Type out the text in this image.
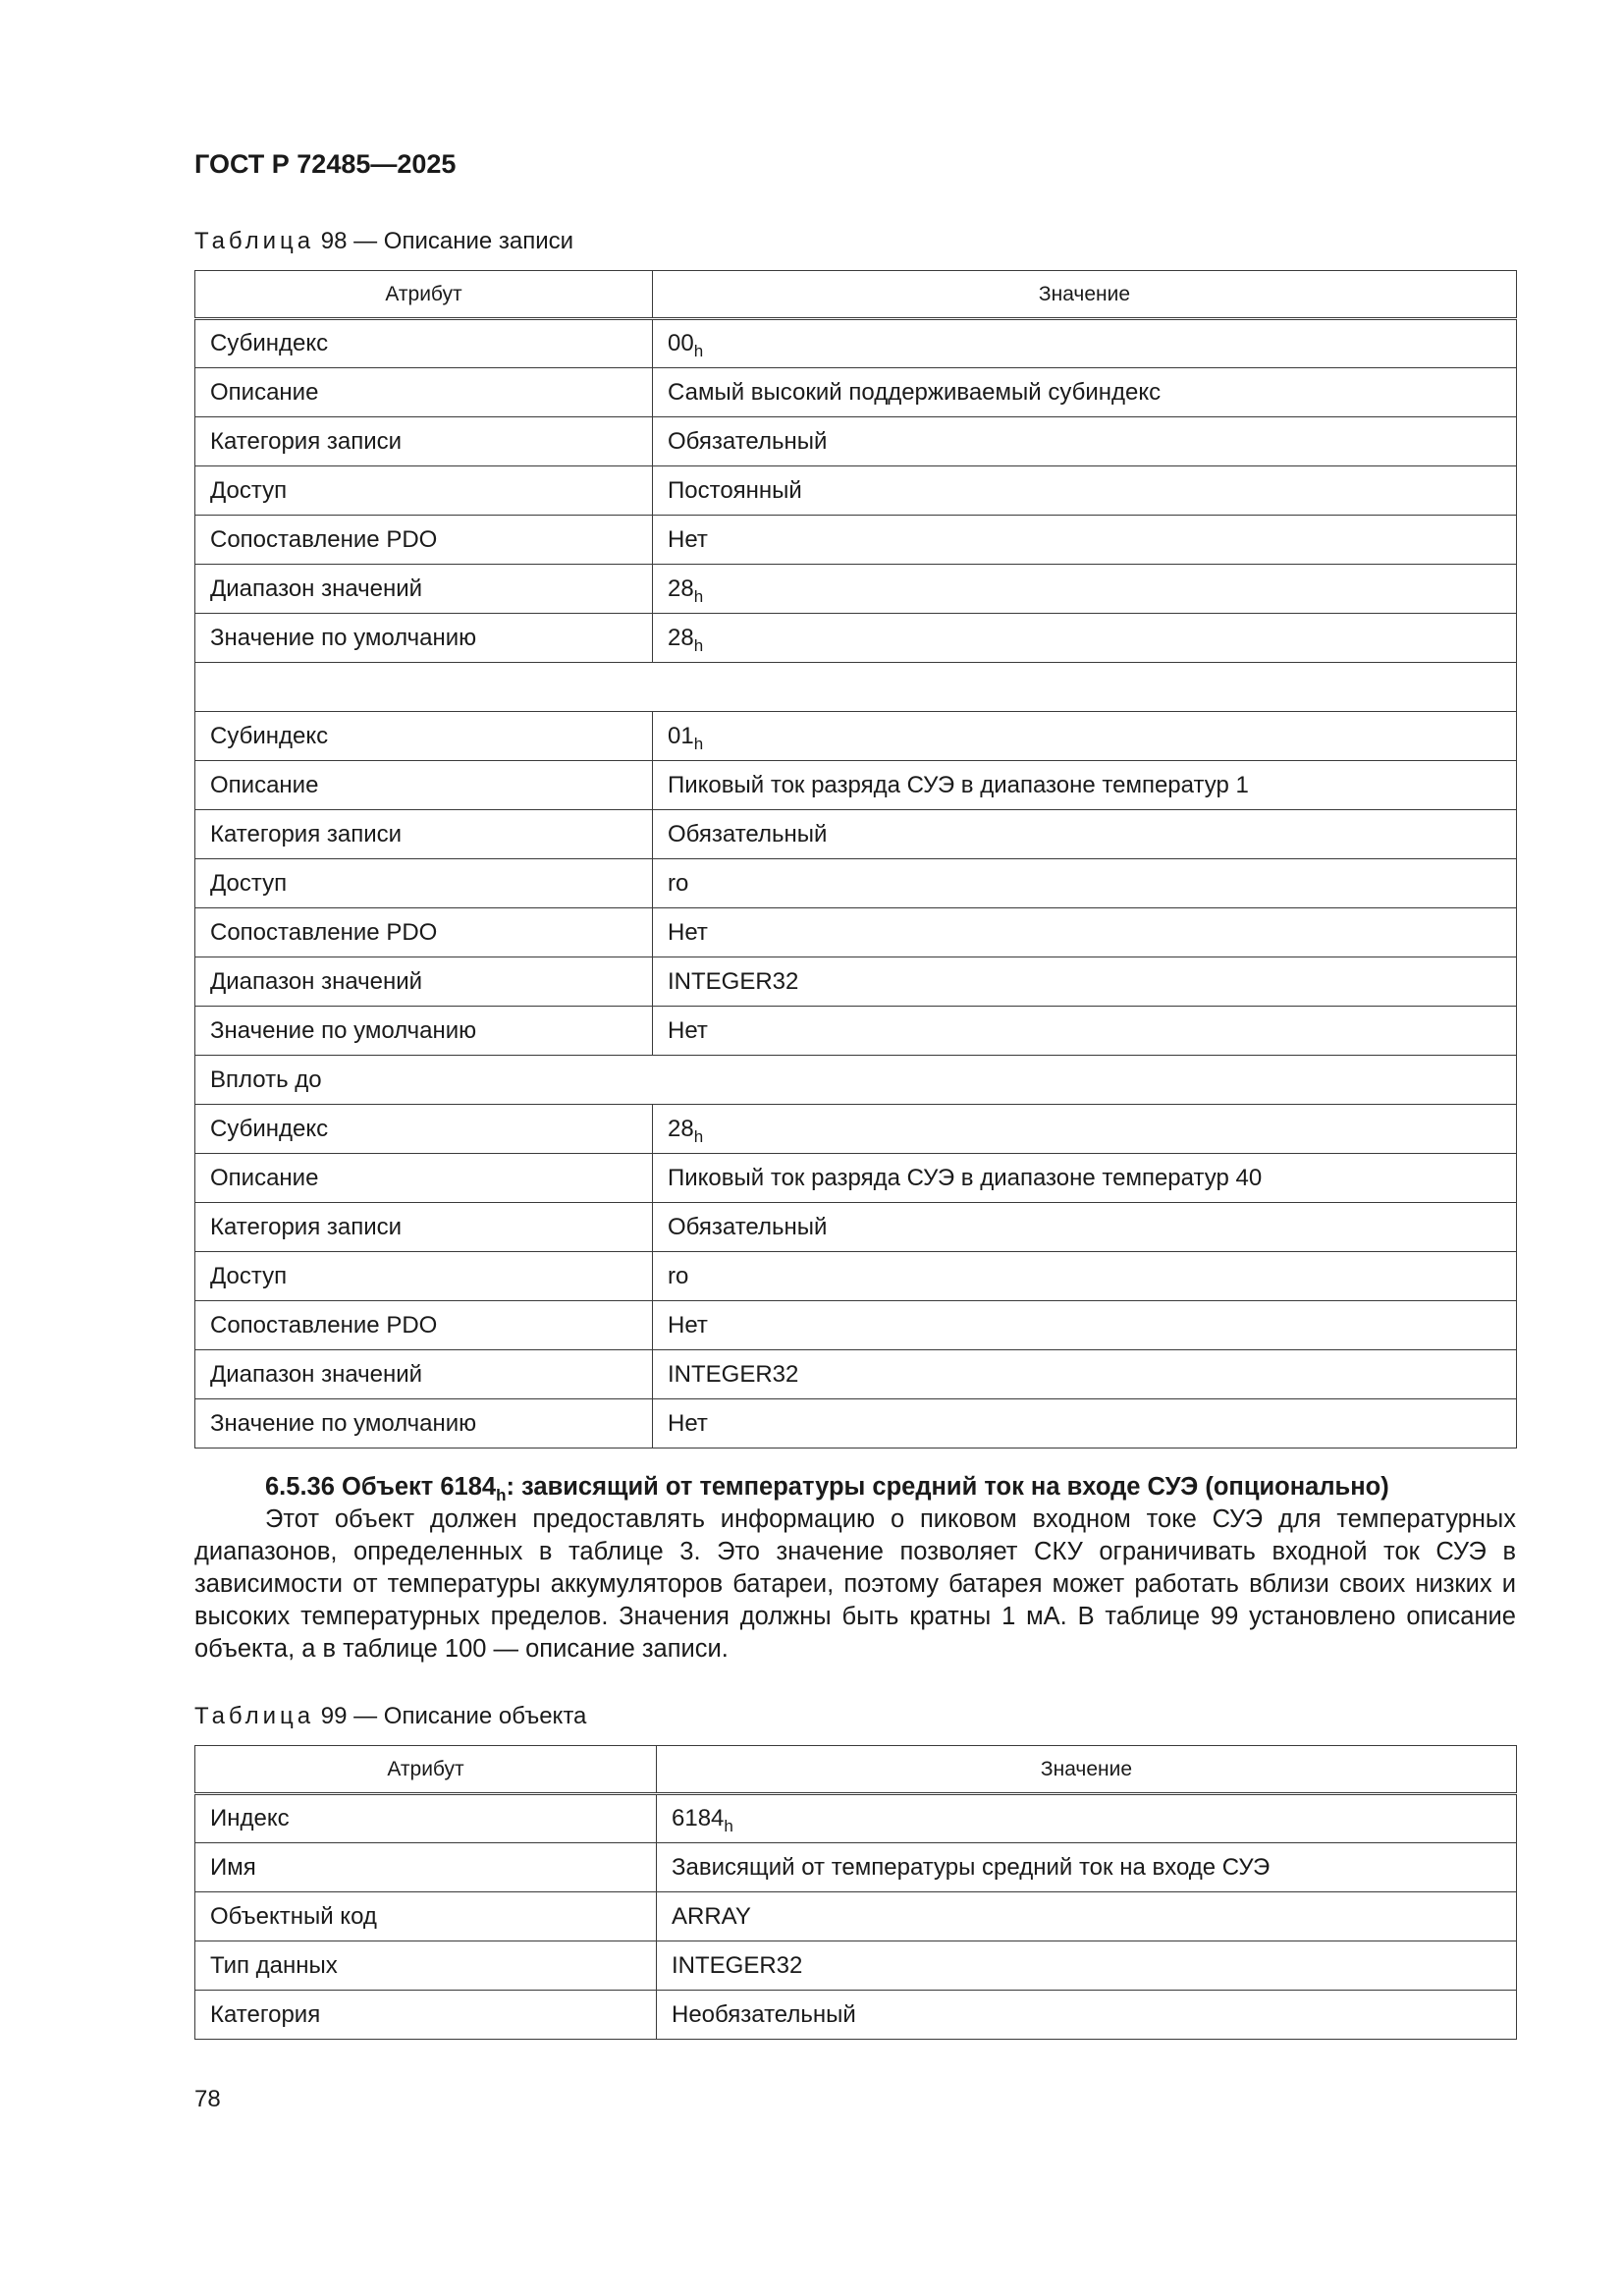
ГОСТ Р 72485—2025

Таблица 98 — Описание записи

Атрибут	Значение
Субиндекс	$00_h$
Описание	Самый высокий поддерживаемый субиндекс
Категория записи	Обязательный
Доступ	Постоянный
Сопоставление PDO	Нет
Диапазон значений	$28_h$
Значение по умолчанию	$28_h$

Субиндекс	$01_h$
Описание	Пиковый ток разряда СУЭ в диапазоне температур 1
Категория записи	Обязательный
Доступ	ro
Сопоставление PDO	Нет
Диапазон значений	INTEGER32
Значение по умолчанию	Нет
Вплоть до	
Субиндекс	$28_h$
Описание	Пиковый ток разряда СУЭ в диапазоне температур 40
Категория записи	Обязательный
Доступ	ro
Сопоставление PDO	Нет
Диапазон значений	INTEGER32
Значение по умолчанию	Нет

6.5.36 Объект $6184_h$: зависящий от температуры средний ток на входе СУЭ (опционально)

Этот объект должен предоставлять информацию о пиковом входном токе СУЭ для температурных диапазонов, определенных в таблице 3. Это значение позволяет СКУ ограничивать входной ток СУЭ в зависимости от температуры аккумуляторов батареи, поэтому батарея может работать вблизи своих низких и высоких температурных пределов. Значения должны быть кратны 1 мА. В таблице 99 установлено описание объекта, а в таблице 100 — описание записи.

Таблица 99 — Описание объекта

Атрибут	Значение
Индекс	$6184_h$
Имя	Зависящий от температуры средний ток на входе СУЭ
Объектный код	ARRAY
Тип данных	INTEGER32
Категория	Необязательный

78
